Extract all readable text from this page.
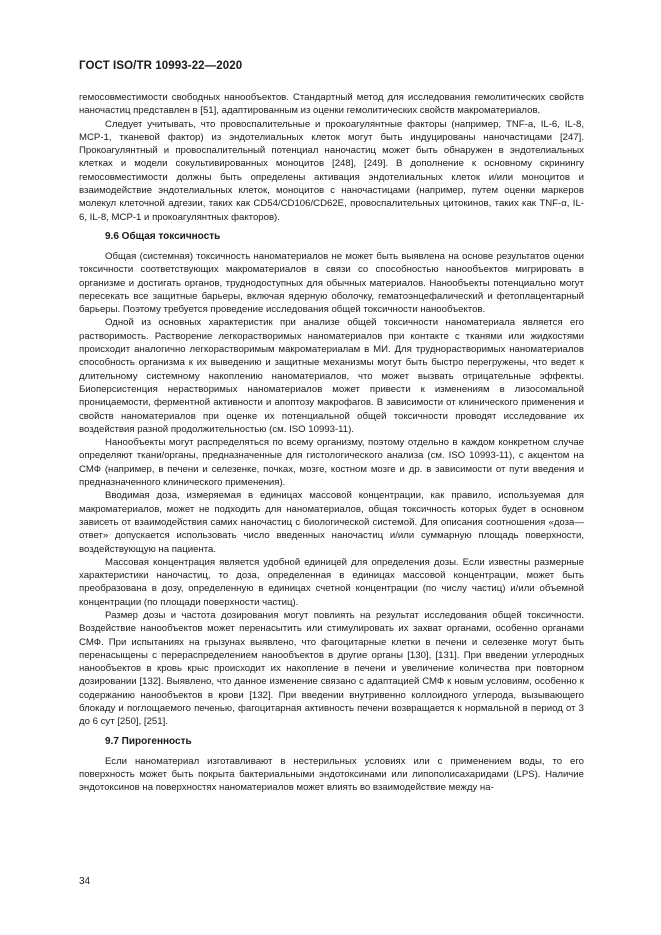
ГОСТ ISO/TR 10993-22—2020

гемосовместимости свободных нанообъектов. Стандартный метод для исследования гемолитических свойств наночастиц представлен в [51], адаптированным из оценки гемолитических свойств макроматериалов.

Следует учитывать, что провоспалительные и прокоагулянтные факторы (например, TNF-a, IL-6, IL-8, MCP-1, тканевой фактор) из эндотелиальных клеток могут быть индуцированы наночастицами [247]. Прокоагулянтный и провоспалительный потенциал наночастиц может быть обнаружен в эндотелиальных клетках и модели сокультивированных моноцитов [248], [249]. В дополнение к основному скринингу гемосовместимости должны быть определены активация эндотелиальных клеток и/или моноцитов и взаимодействие эндотелиальных клеток, моноцитов с наночастицами (например, путем оценки маркеров молекул клеточной адгезии, таких как CD54/CD106/CD62E, провоспалительных цитокинов, таких как TNF-α, IL-6, IL-8, MCP-1 и прокоагулянтных факторов).

9.6 Общая токсичность

Общая (системная) токсичность наноматериалов не может быть выявлена на основе результатов оценки токсичности соответствующих макроматериалов в связи со способностью нанообъектов мигрировать в организме и достигать органов, труднодоступных для обычных материалов. Нанообъекты потенциально могут пересекать все защитные барьеры, включая ядерную оболочку, гематоэнцефалический и фетоплацентарный барьеры. Поэтому требуется проведение исследования общей токсичности нанообъектов.

Одной из основных характеристик при анализе общей токсичности наноматериала является его растворимость. Растворение легкорастворимых наноматериалов при контакте с тканями или жидкостями происходит аналогично легкорастворимым макроматериалам в МИ. Для труднорастворимых наноматериалов способность организма к их выведению и защитные механизмы могут быть быстро перегружены, что ведет к длительному системному накоплению наноматериалов, что может вызвать отрицательные эффекты. Биоперсистенция нерастворимых наноматериалов может привести к изменениям в лизосомальной проницаемости, ферментной активности и апоптозу макрофагов. В зависимости от клинического применения и свойств наноматериалов при оценке их потенциальной общей токсичности проводят исследование их воздействия разной продолжительностью (см. ISO 10993-11).

Нанообъекты могут распределяться по всему организму, поэтому отдельно в каждом конкретном случае определяют ткани/органы, предназначенные для гистологического анализа (см. ISO 10993-11), с акцентом на СМФ (например, в печени и селезенке, почках, мозге, костном мозге и др. в зависимости от пути введения и предназначенного клинического применения).

Вводимая доза, измеряемая в единицах массовой концентрации, как правило, используемая для макроматериалов, может не подходить для наноматериалов, общая токсичность которых будет в основном зависеть от взаимодействия самих наночастиц с биологической системой. Для описания соотношения «доза—ответ» допускается использовать число введенных наночастиц и/или суммарную площадь поверхности, воздействующую на пациента.

Массовая концентрация является удобной единицей для определения дозы. Если известны размерные характеристики наночастиц, то доза, определенная в единицах массовой концентрации, может быть преобразована в дозу, определенную в единицах счетной концентрации (по числу частиц) и/или объемной концентрации (по площади поверхности частиц).

Размер дозы и частота дозирования могут повлиять на результат исследования общей токсичности. Воздействие нанообъектов может перенасытить или стимулировать их захват органами, особенно органами СМФ. При испытаниях на грызунах выявлено, что фагоцитарные клетки в печени и селезенке могут быть перенасыщены с перераспределением нанообъектов в другие органы [130], [131]. При введении углеродных нанообъектов в кровь крыс происходит их накопление в печени и увеличение количества при повторном дозировании [132]. Выявлено, что данное изменение связано с адаптацией СМФ к новым условиям, особенно к содержанию нанообъектов в крови [132]. При введении внутривенно коллоидного углерода, вызывающего блокаду и поглощаемого печенью, фагоцитарная активность печени возвращается к нормальной в период от 3 до 6 сут [250], [251].

9.7 Пирогенность

Если наноматериал изготавливают в нестерильных условиях или с применением воды, то его поверхность может быть покрыта бактериальными эндотоксинами или липополисахаридами (LPS). Наличие эндотоксинов на поверхностях наноматериалов может влиять во взаимодействие между на-

34
